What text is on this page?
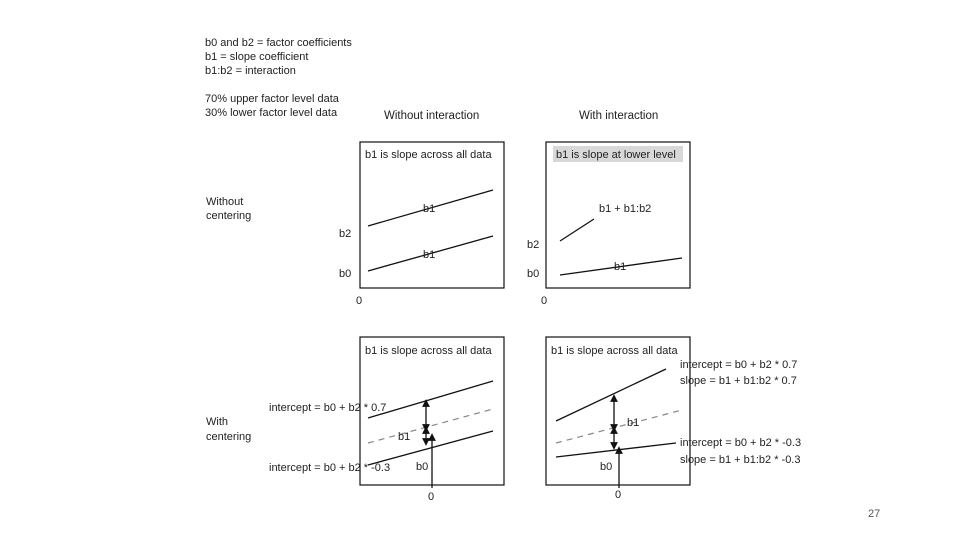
b0 and b2 = factor coefficients
b1 = slope coefficient
b1:b2 = interaction
70% upper factor level data
30% lower factor level data	Without interaction	With interaction
Without
centering
With
centering
b1 is slope across all data
b1
b1
b2
b0
0
b1 is slope at lower level
b1 + b1:b2
b1
b2
b0
0
b1 is slope across all data
intercept = b0 + b2 * 0.7
intercept = b0 + b2 * -0.3
b1
b0
0
b1 is slope across all data
intercept = b0 + b2 * 0.7
slope = b1 + b1:b2 * 0.7
intercept = b0 + b2 * -0.3
slope = b1 + b1:b2 * -0.3
b1
b0
0
27
